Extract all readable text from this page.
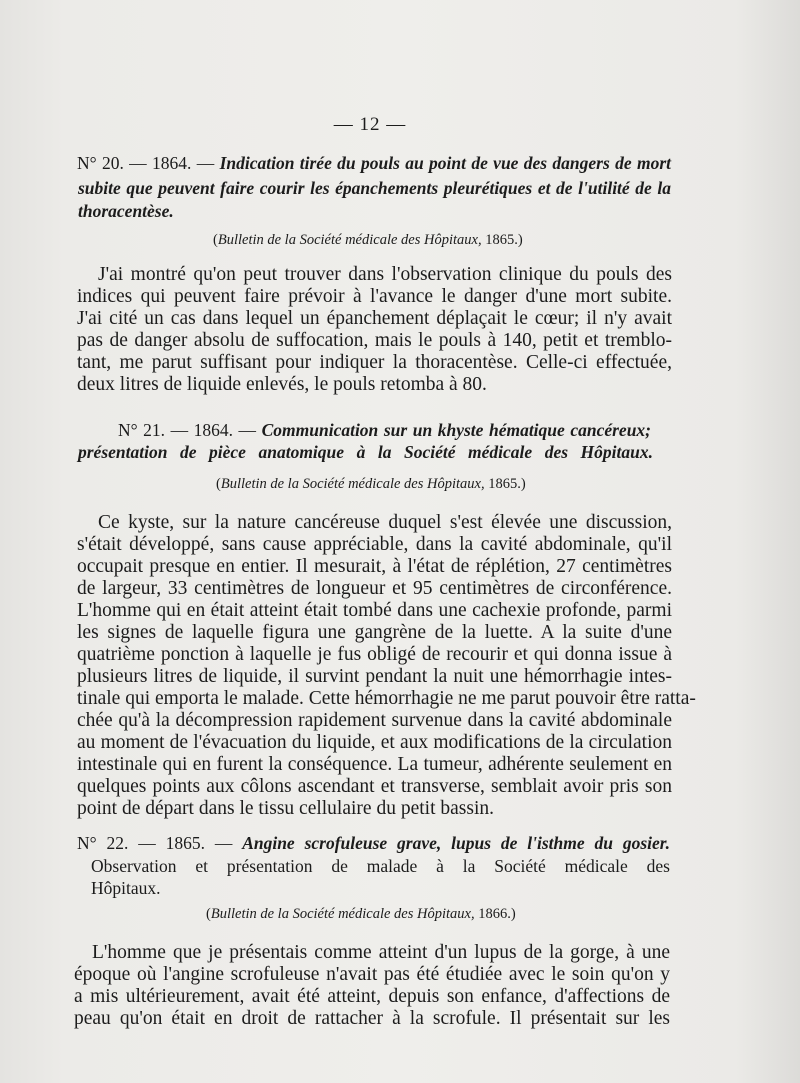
— 12 —
N° 20. — 1864. — Indication tirée du pouls au point de vue des dangers de mort
subite que peuvent faire courir les épanchements pleurétiques et de l'utilité de la
thoracentèse.
(Bulletin de la Société médicale des Hôpitaux, 1865.)
J'ai montré qu'on peut trouver dans l'observation clinique du pouls des
indices qui peuvent faire prévoir à l'avance le danger d'une mort subite.
J'ai cité un cas dans lequel un épanchement déplaçait le cœur; il n'y avait
pas de danger absolu de suffocation, mais le pouls à 140, petit et tremblo-
tant, me parut suffisant pour indiquer la thoracentèse. Celle-ci effectuée,
deux litres de liquide enlevés, le pouls retomba à 80.
N° 21. — 1864. — Communication sur un khyste hématique cancéreux;
présentation de pièce anatomique à la Société médicale des Hôpitaux.
(Bulletin de la Société médicale des Hôpitaux, 1865.)
Ce kyste, sur la nature cancéreuse duquel s'est élevée une discussion,
s'était développé, sans cause appréciable, dans la cavité abdominale, qu'il
occupait presque en entier. Il mesurait, à l'état de réplétion, 27 centimètres
de largeur, 33 centimètres de longueur et 95 centimètres de circonférence.
L'homme qui en était atteint était tombé dans une cachexie profonde, parmi
les signes de laquelle figura une gangrène de la luette. A la suite d'une
quatrième ponction à laquelle je fus obligé de recourir et qui donna issue à
plusieurs litres de liquide, il survint pendant la nuit une hémorrhagie intes-
tinale qui emporta le malade. Cette hémorrhagie ne me parut pouvoir être ratta-
chée qu'à la décompression rapidement survenue dans la cavité abdominale
au moment de l'évacuation du liquide, et aux modifications de la circulation
intestinale qui en furent la conséquence. La tumeur, adhérente seulement en
quelques points aux côlons ascendant et transverse, semblait avoir pris son
point de départ dans le tissu cellulaire du petit bassin.
N° 22. — 1865. — Angine scrofuleuse grave, lupus de l'isthme du gosier.
Observation et présentation de malade à la Société médicale des
Hôpitaux.
(Bulletin de la Société médicale des Hôpitaux, 1866.)
L'homme que je présentais comme atteint d'un lupus de la gorge, à une
époque où l'angine scrofuleuse n'avait pas été étudiée avec le soin qu'on y
a mis ultérieurement, avait été atteint, depuis son enfance, d'affections de
peau qu'on était en droit de rattacher à la scrofule. Il présentait sur les
